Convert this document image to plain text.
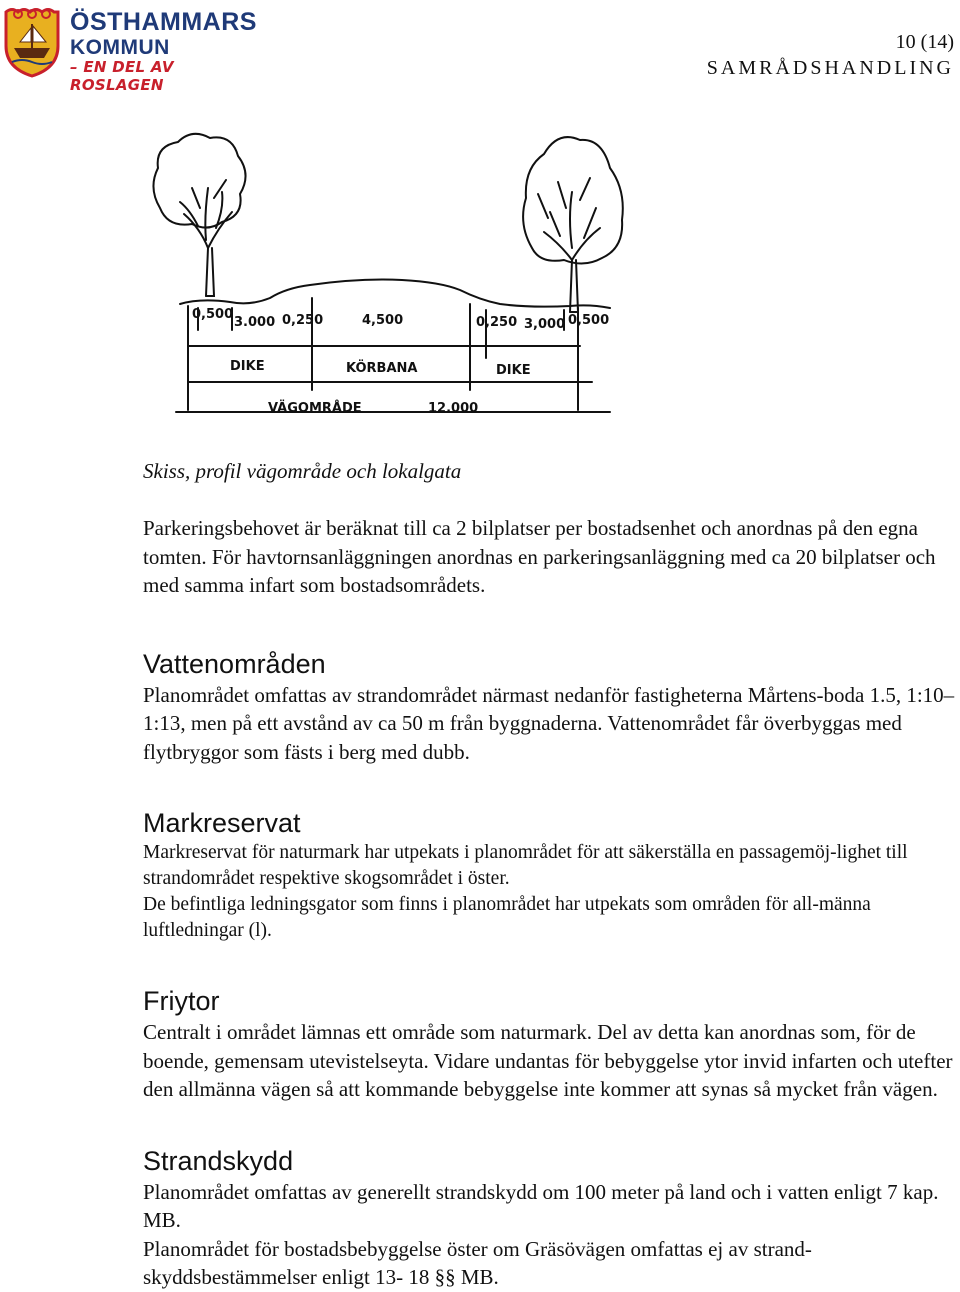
ÖSTHAMMARS
KOMMUN
– EN DEL AV ROSLAGEN
10 (14)
SAMRÅDSHANDLING
0,500
3.000 0,250	4,500	0,250 3,000 0,500
DIKE	KÖRBANA	DIKE
VÄGOMRÅDE	12.000
Skiss, profil vägområde och lokalgata

Parkeringsbehovet är beräknat till ca 2 bilplatser per bostadsenhet och anordnas på den egna tomten. För havtornsanläggningen anordnas en parkeringsanläggning med ca 20 bilplatser och med samma infart som bostadsområdets.

Vattenområden

Planområdet omfattas av strandområdet närmast nedanför fastigheterna Mårtens-boda 1.5, 1:10–1:13, men på ett avstånd av ca 50 m från byggnaderna. Vattenområdet får överbyggas med flytbryggor som fästs i berg med dubb.

Markreservat

Markreservat för naturmark har utpekats i planområdet för att säkerställa en passagemöj-lighet till strandområdet respektive skogsområdet i öster.

De befintliga ledningsgator som finns i planområdet har utpekats som områden för all-männa luftledningar (l).

Friytor

Centralt i området lämnas ett område som naturmark. Del av detta kan anordnas som, för de boende, gemensam utevistelseyta. Vidare undantas för bebyggelse ytor invid infarten och utefter den allmänna vägen så att kommande bebyggelse inte kommer att synas så mycket från vägen.

Strandskydd

Planområdet omfattas av generellt strandskydd om 100 meter på land och i vatten enligt 7 kap. MB.

Planområdet för bostadsbebyggelse öster om Gräsövägen omfattas ej av strand-skyddsbestämmelser enligt 13- 18 §§ MB.
